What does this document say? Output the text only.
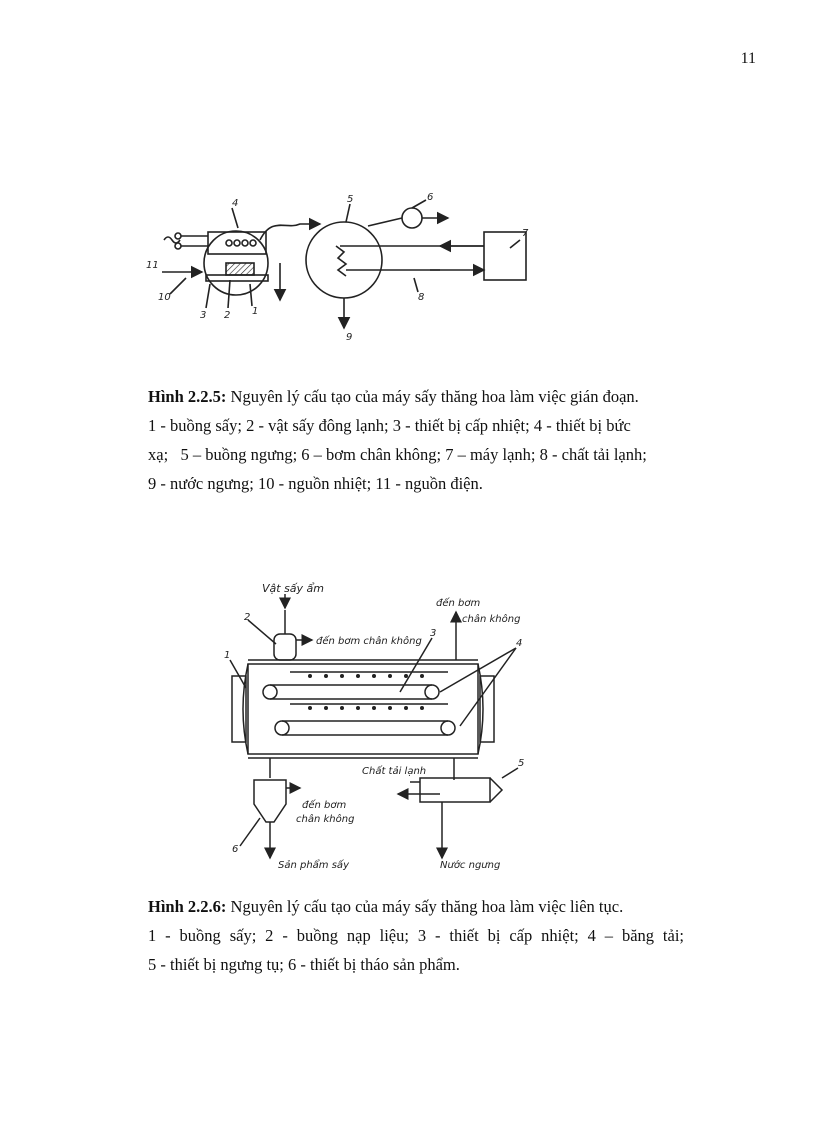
11
4	5	6
7
8
9
10
11
3 2 1

Hình 2.2.5: Nguyên lý cấu tạo của máy sấy thăng hoa làm việc gián đoạn.

1 - buồng sấy; 2 - vật sấy đông lạnh; 3 - thiết bị cấp nhiệt; 4 - thiết bị bức

xạ;   5 – buồng ngưng; 6 – bơm chân không; 7 – máy lạnh; 8 - chất tải lạnh;

9 - nước ngưng; 10 - nguồn nhiệt; 11 - nguồn điện.

Vật sấy ẩm
đến bơm chân không
đến bơm
chân không
đến bơm
chân không
Chất tải lạnh
Sản phẩm sấy	Nước ngưng
1
2
3
4
5
6

Hình 2.2.6: Nguyên lý cấu tạo của máy sấy thăng hoa làm việc liên tục.

1 - buồng sấy; 2 - buồng nạp liệu; 3 - thiết bị cấp nhiệt; 4 – băng tải;

5 - thiết bị ngưng tụ; 6 - thiết bị tháo sản phẩm.
